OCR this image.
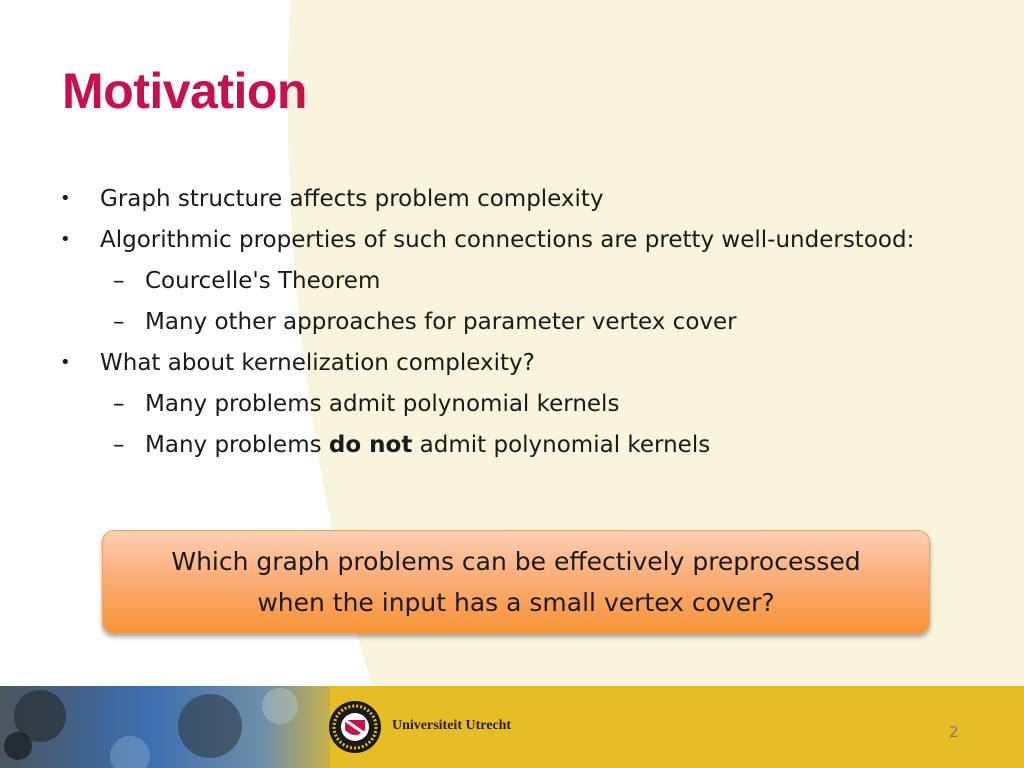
Motivation
• Graph structure affects problem complexity
• Algorithmic properties of such connections are pretty well-understood:
– Courcelle's Theorem
– Many other approaches for parameter vertex cover
• What about kernelization complexity?
– Many problems admit polynomial kernels
– Many problems do not admit polynomial kernels
Which graph problems can be effectively preprocessed
when the input has a small vertex cover?
Universiteit Utrecht	2
